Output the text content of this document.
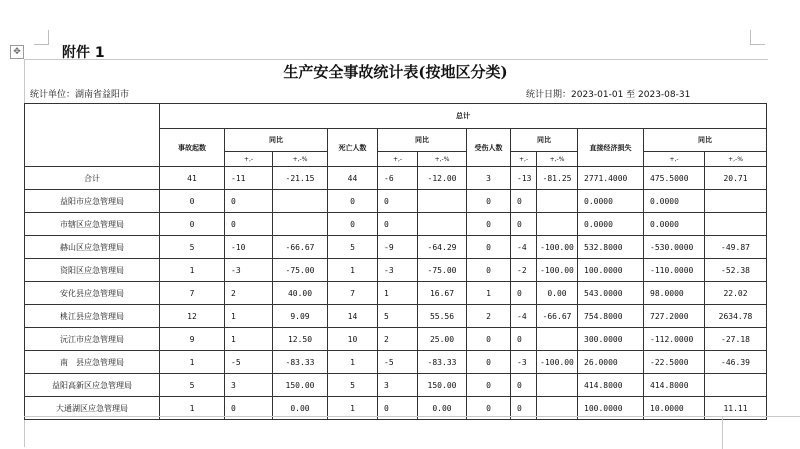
✥	附件 1
生产安全事故统计表(按地区分类)
统计单位：湖南省益阳市	统计日期：2023-01-01 至 2023-08-31
	总计											
	事故起数	同比		死亡人数	同比		受伤人数	同比		直接经济损失	同比	
		+,-	+,-%		+,-	+,-%		+,-	+,-%		+,-	+,-%
合计	41	-11	-21.15	44	-6	-12.00	3	-13	-81.25	2771.4000	475.5000	20.71
益阳市应急管理局	0	0		0	0		0	0		0.0000	0.0000	
市辖区应急管理局	0	0		0	0		0	0		0.0000	0.0000	
赫山区应急管理局	5	-10	-66.67	5	-9	-64.29	0	-4	-100.00	532.8000	-530.0000	-49.87
资阳区应急管理局	1	-3	-75.00	1	-3	-75.00	0	-2	-100.00	100.0000	-110.0000	-52.38
安化县应急管理局	7	2	40.00	7	1	16.67	1	0	0.00	543.0000	98.0000	22.02
桃江县应急管理局	12	1	9.09	14	5	55.56	2	-4	-66.67	754.8000	727.2000	2634.78
沅江市应急管理局	9	1	12.50	10	2	25.00	0	0		300.0000	-112.0000	-27.18
南　县应急管理局	1	-5	-83.33	1	-5	-83.33	0	-3	-100.00	26.0000	-22.5000	-46.39
益阳高新区应急管理局	5	3	150.00	5	3	150.00	0	0		414.8000	414.8000	
大通湖区应急管理局	1	0	0.00	1	0	0.00	0	0		100.0000	10.0000	11.11
